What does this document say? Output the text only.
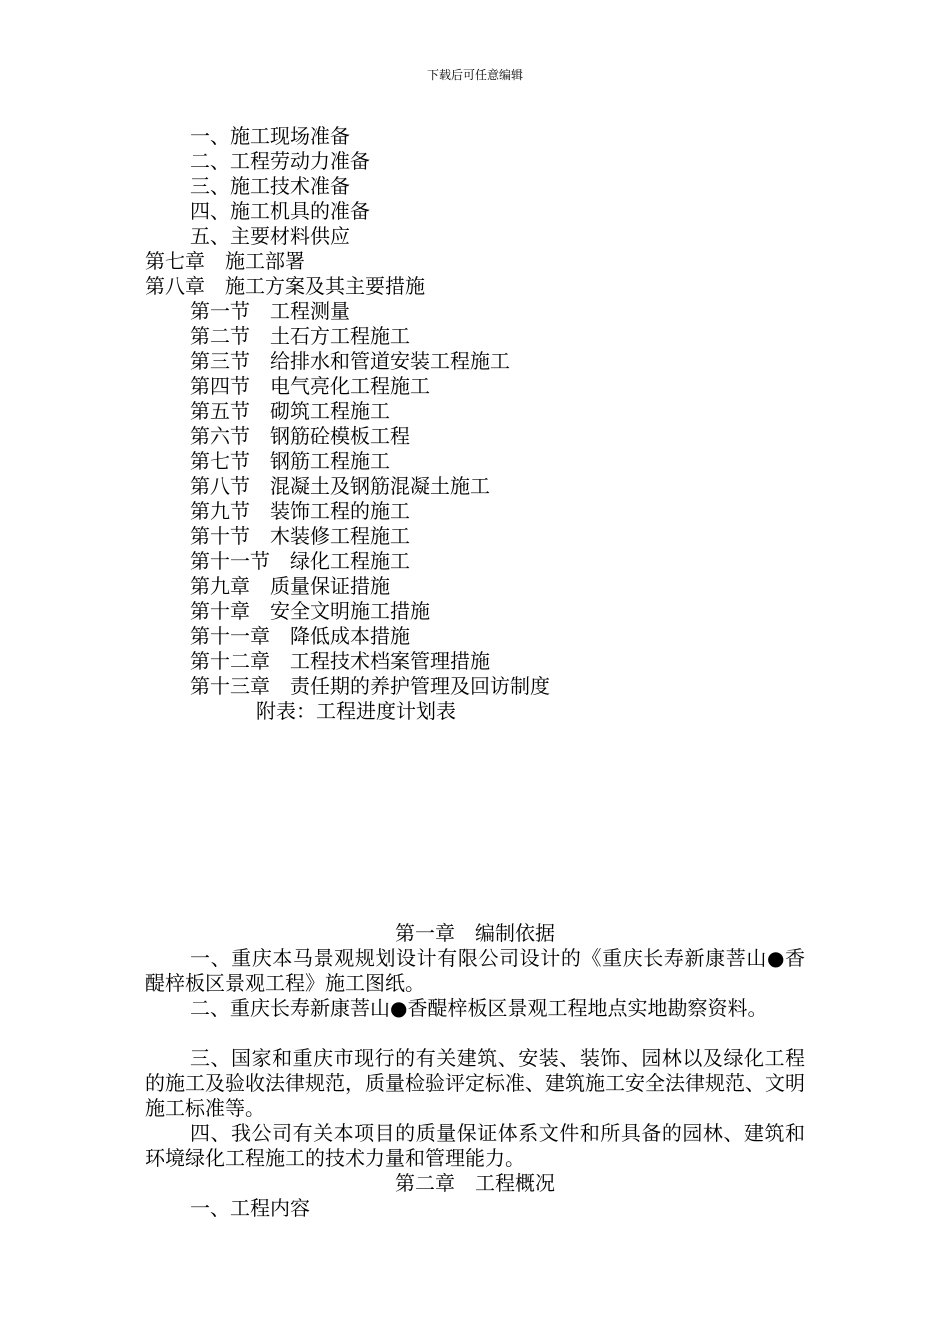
下载后可任意编辑
一、施工现场准备
二、工程劳动力准备
三、施工技术准备
四、施工机具的准备
五、主要材料供应
第七章 施工部署
第八章 施工方案及其主要措施
第一节 工程测量
第二节 土石方工程施工
第三节 给排水和管道安装工程施工
第四节 电气亮化工程施工
第五节 砌筑工程施工
第六节 钢筋砼模板工程
第七节 钢筋工程施工
第八节 混凝土及钢筋混凝土施工
第九节 装饰工程的施工
第十节 木装修工程施工
第十一节 绿化工程施工
第九章 质量保证措施
第十章 安全文明施工措施
第十一章 降低成本措施
第十二章 工程技术档案管理措施
第十三章 责任期的养护管理及回访制度
附表：工程进度计划表
第一章 编制依据
一、重庆本马景观规划设计有限公司设计的《重庆长寿新康菩山●香醍梓板区景观工程》施工图纸。
二、重庆长寿新康菩山●香醍梓板区景观工程地点实地勘察资料。
三、国家和重庆市现行的有关建筑、安装、装饰、园林以及绿化工程的施工及验收法律规范，质量检验评定标准、建筑施工安全法律规范、文明施工标准等。
四、我公司有关本项目的质量保证体系文件和所具备的园林、建筑和环境绿化工程施工的技术力量和管理能力。
第二章 工程概况
一、工程内容
